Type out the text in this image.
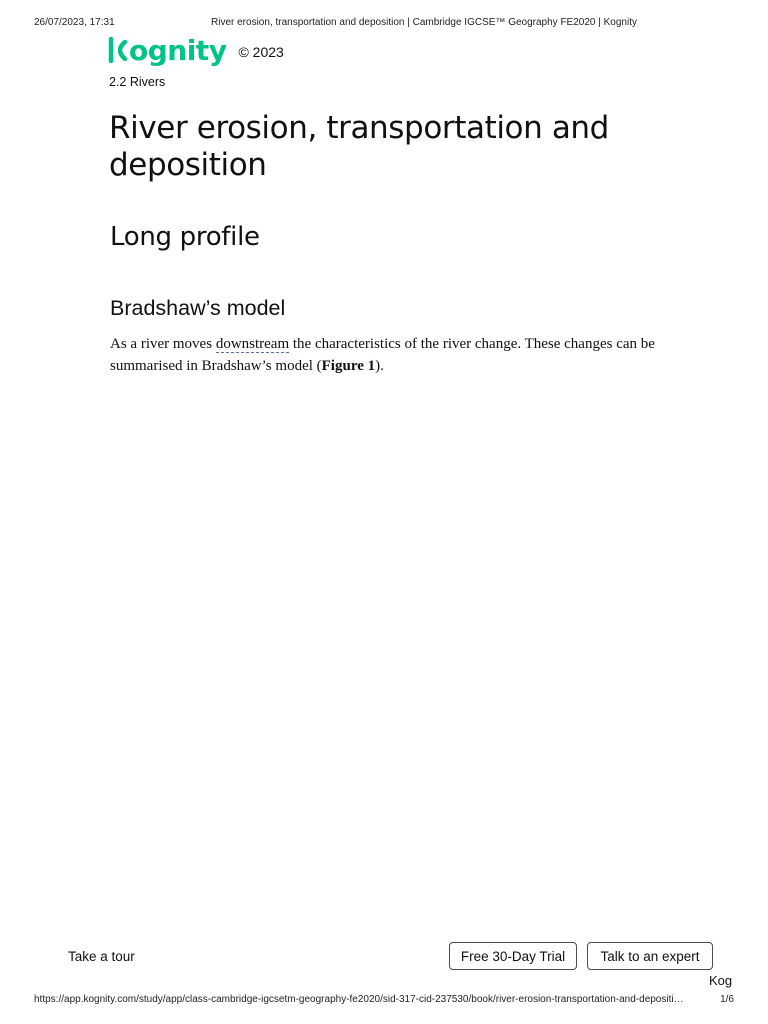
26/07/2023, 17:31	River erosion, transportation and deposition | Cambridge IGCSE™ Geography FE2020 | Kognity
ognity © 2023
2.2 Rivers
River erosion, transportation and deposition
Long profile
Bradshaw’s model

As a river moves downstream the characteristics of the river change. These changes can be summarised in Bradshaw’s model (Figure 1).

Take a tour	Free 30-Day Trial	Talk to an expert
Kog
https://app.kognity.com/study/app/class-cambridge-igcsetm-geography-fe2020/sid-317-cid-237530/book/river-erosion-transportation-and-depositi…	1/6
